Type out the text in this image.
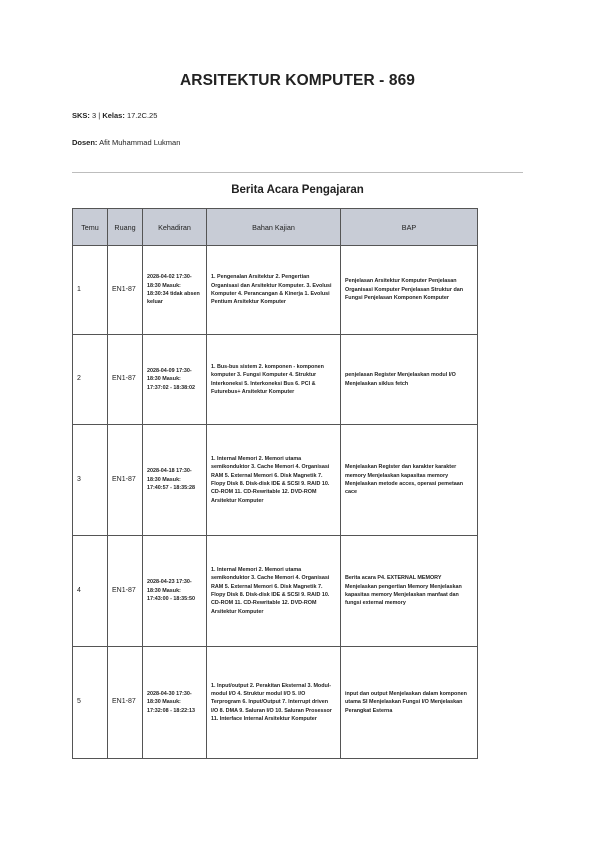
ARSITEKTUR KOMPUTER - 869
SKS: 3 | Kelas: 17.2C.25
Dosen: Afit Muhammad Lukman
Berita Acara Pengajaran
Temu	Ruang	Kehadiran	Bahan Kajian	BAP
1	EN1-87	2028-04-02 17:30-18:30 Masuk: 18:30:34 tidak absen keluar	1. Pengenalan Arsitektur 2. Pengertian Organisasi dan Arsitektur Komputer. 3. Evolusi Komputer 4. Perancangan & Kinerja 1. Evolusi Pentium Arsitektur Komputer	Penjelasan Arsitektur Komputer Penjelasan Organisasi Komputer Penjelasan Struktur dan Fungsi Penjelasan Komponen Komputer
2	EN1-87	2028-04-09 17:30-18:30 Masuk: 17:37:02 - 18:38:02	1. Bus-bus sistem 2. komponen - komponen komputer 3. Fungsi Komputer 4. Struktur Interkoneksi 5. Interkoneksi Bus 6. PCI & Futurebus+ Arsitektur Komputer	penjelasan Register Menjelaskan modul I/O Menjelaskan siklus fetch
3	EN1-87	2028-04-18 17:30-18:30 Masuk: 17:40:57 - 18:35:28	1. Internal Memori 2. Memori utama semikonduktor 3. Cache Memori 4. Organisasi RAM 5. External Memori 6. Disk Magnetik 7. Flopy Disk 8. Disk-disk IDE & SCSI 9. RAID 10. CD-ROM 11. CD-Rewritable 12. DVD-ROM Arsitektur Komputer	Menjelaskan Register dan karakter karakter memory Menjelaskan kapasitas memory Menjelaskan metode acces, operasi pemetaan cace
4	EN1-87	2028-04-23 17:30-18:30 Masuk: 17:43:00 - 18:35:50	1. Internal Memori 2. Memori utama semikonduktor 3. Cache Memori 4. Organisasi RAM 5. External Memori 6. Disk Magnetik 7. Flopy Disk 8. Disk-disk IDE & SCSI 9. RAID 10. CD-ROM 11. CD-Rewritable 12. DVD-ROM Arsitektur Komputer	Berita acara P4. EXTERNAL MEMORY Menjelaskan pengertian Memory Menjelaskan kapasitas memory Menjelaskan manfaat dan fungsi external memory
5	EN1-87	2028-04-30 17:30-18:30 Masuk: 17:32:08 - 18:22:13	1. Input/output 2. Perakitan Eksternal 3. Modul-modul I/O 4. Struktur modul I/O 5. I/O Terprogram 6. Input/Output 7. Interrupt driven I/O 8. DMA 9. Saluran I/O 10. Saluran Prosessor 11. Interface Internal Arsitektur Komputer	input dan output Menjelaskan dalam komponen utama SI Menjelaskan Fungsi I/O Menjelaskan Perangkat Esterna
